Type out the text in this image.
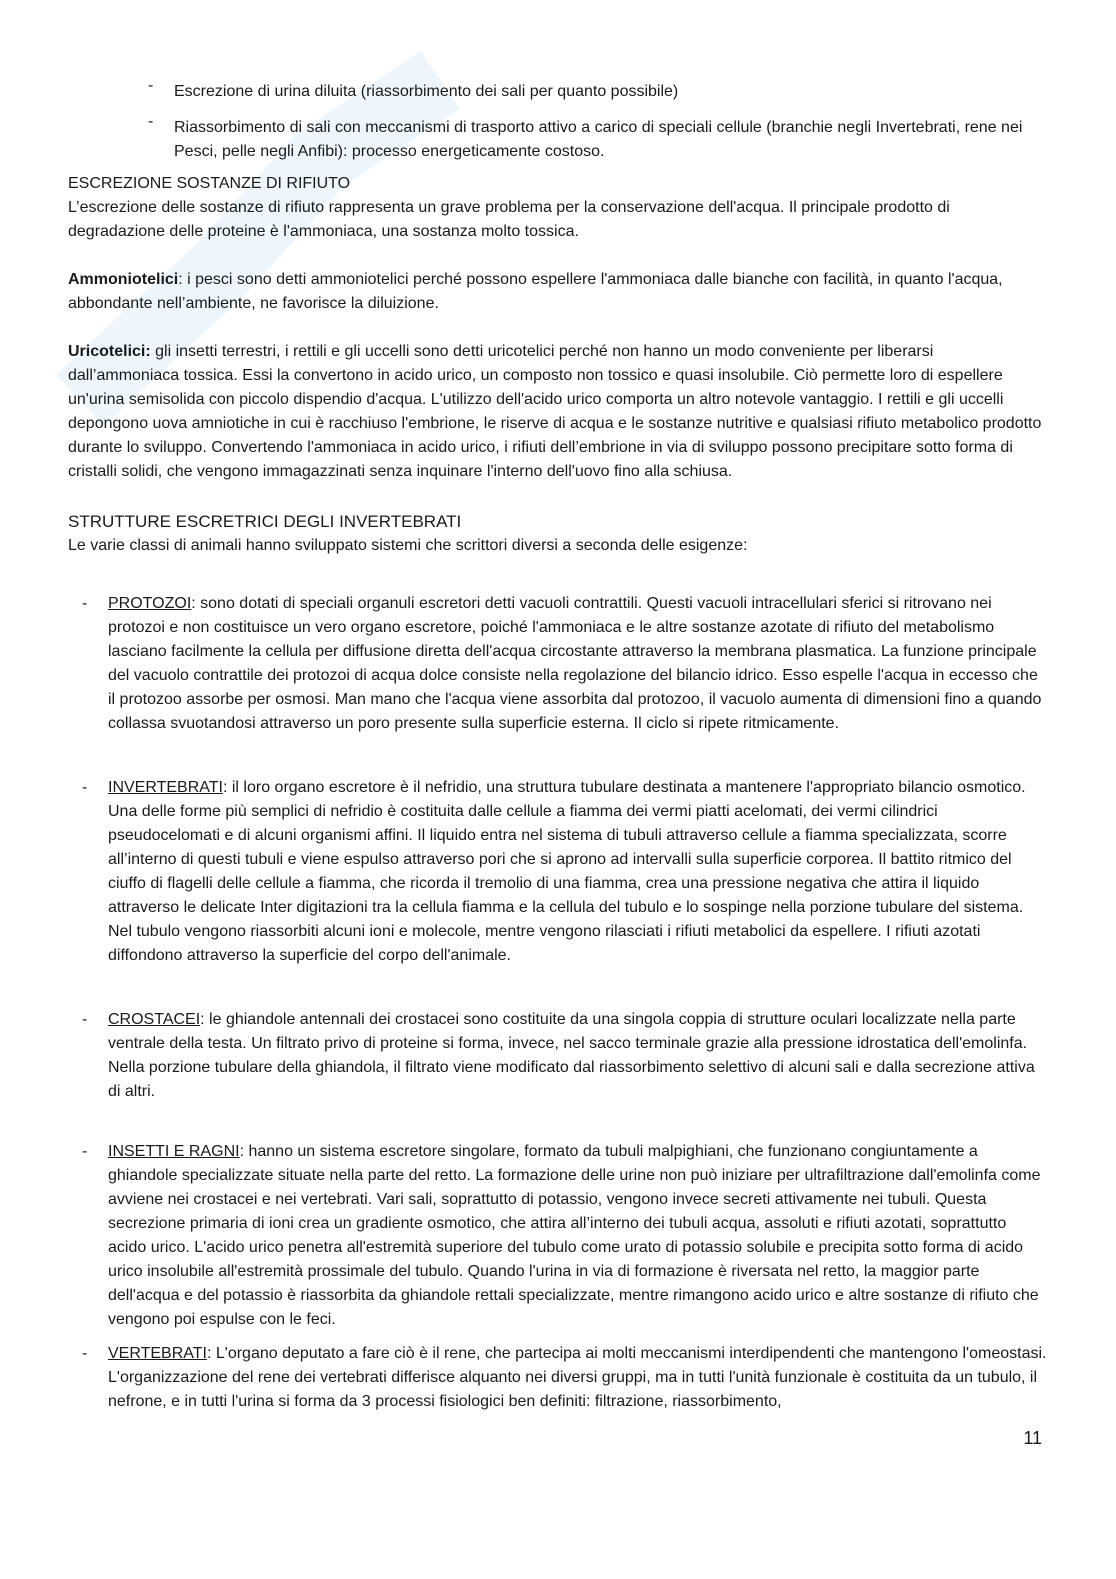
- Escrezione di urina diluita (riassorbimento dei sali per quanto possibile)

- Riassorbimento di sali con meccanismi di trasporto attivo a carico di speciali cellule (branchie negli Invertebrati, rene nei Pesci, pelle negli Anfibi): processo energeticamente costoso.

ESCREZIONE SOSTANZE DI RIFIUTO

L’escrezione delle sostanze di rifiuto rappresenta un grave problema per la conservazione dell'acqua. Il principale prodotto di degradazione delle proteine è l'ammoniaca, una sostanza molto tossica.

Ammoniotelici: i pesci sono detti ammoniotelici perché possono espellere l'ammoniaca dalle bianche con facilità, in quanto l'acqua, abbondante nell’ambiente, ne favorisce la diluizione.

Uricotelici: gli insetti terrestri, i rettili e gli uccelli sono detti uricotelici perché non hanno un modo conveniente per liberarsi dall’ammoniaca tossica. Essi la convertono in acido urico, un composto non tossico e quasi insolubile. Ciò permette loro di espellere un'urina semisolida con piccolo dispendio d'acqua. L'utilizzo dell'acido urico comporta un altro notevole vantaggio. I rettili e gli uccelli depongono uova amniotiche in cui è racchiuso l'embrione, le riserve di acqua e le sostanze nutritive e qualsiasi rifiuto metabolico prodotto durante lo sviluppo. Convertendo l'ammoniaca in acido urico, i rifiuti dell’embrione in via di sviluppo possono precipitare sotto forma di cristalli solidi, che vengono immagazzinati senza inquinare l'interno dell'uovo fino alla schiusa.

STRUTTURE ESCRETRICI DEGLI INVERTEBRATI

Le varie classi di animali hanno sviluppato sistemi che scrittori diversi a seconda delle esigenze:

- PROTOZOI: sono dotati di speciali organuli escretori detti vacuoli contrattili. Questi vacuoli intracellulari sferici si ritrovano nei protozoi e non costituisce un vero organo escretore, poiché l'ammoniaca e le altre sostanze azotate di rifiuto del metabolismo lasciano facilmente la cellula per diffusione diretta dell'acqua circostante attraverso la membrana plasmatica. La funzione principale del vacuolo contrattile dei protozoi di acqua dolce consiste nella regolazione del bilancio idrico. Esso espelle l'acqua in eccesso che il protozoo assorbe per osmosi. Man mano che l'acqua viene assorbita dal protozoo, il vacuolo aumenta di dimensioni fino a quando collassa svuotandosi attraverso un poro presente sulla superficie esterna. Il ciclo si ripete ritmicamente.

- INVERTEBRATI: il loro organo escretore è il nefridio, una struttura tubulare destinata a mantenere l'appropriato bilancio osmotico. Una delle forme più semplici di nefridio è costituita dalle cellule a fiamma dei vermi piatti acelomati, dei vermi cilindrici pseudocelomati e di alcuni organismi affini. Il liquido entra nel sistema di tubuli attraverso cellule a fiamma specializzata, scorre all’interno di questi tubuli e viene espulso attraverso pori che si aprono ad intervalli sulla superficie corporea. Il battito ritmico del ciuffo di flagelli delle cellule a fiamma, che ricorda il tremolio di una fiamma, crea una pressione negativa che attira il liquido attraverso le delicate Inter digitazioni tra la cellula fiamma e la cellula del tubulo e lo sospinge nella porzione tubulare del sistema. Nel tubulo vengono riassorbiti alcuni ioni e molecole, mentre vengono rilasciati i rifiuti metabolici da espellere. I rifiuti azotati diffondono attraverso la superficie del corpo dell'animale.

- CROSTACEI: le ghiandole antennali dei crostacei sono costituite da una singola coppia di strutture oculari localizzate nella parte ventrale della testa. Un filtrato privo di proteine si forma, invece, nel sacco terminale grazie alla pressione idrostatica dell'emolinfa. Nella porzione tubulare della ghiandola, il filtrato viene modificato dal riassorbimento selettivo di alcuni sali e dalla secrezione attiva di altri.

- INSETTI E RAGNI: hanno un sistema escretore singolare, formato da tubuli malpighiani, che funzionano congiuntamente a ghiandole specializzate situate nella parte del retto. La formazione delle urine non può iniziare per ultrafiltrazione dall'emolinfa come avviene nei crostacei e nei vertebrati. Vari sali, soprattutto di potassio, vengono invece secreti attivamente nei tubuli. Questa secrezione primaria di ioni crea un gradiente osmotico, che attira all’interno dei tubuli acqua, assoluti e rifiuti azotati, soprattutto acido urico. L'acido urico penetra all'estremità superiore del tubulo come urato di potassio solubile e precipita sotto forma di acido urico insolubile all'estremità prossimale del tubulo. Quando l'urina in via di formazione è riversata nel retto, la maggior parte dell'acqua e del potassio è riassorbita da ghiandole rettali specializzate, mentre rimangono acido urico e altre sostanze di rifiuto che vengono poi espulse con le feci.

- VERTEBRATI: L'organo deputato a fare ciò è il rene, che partecipa ai molti meccanismi interdipendenti che mantengono l'omeostasi. L'organizzazione del rene dei vertebrati differisce alquanto nei diversi gruppi, ma in tutti l'unità funzionale è costituita da un tubulo, il nefrone, e in tutti l'urina si forma da 3 processi fisiologici ben definiti: filtrazione, riassorbimento,

11
